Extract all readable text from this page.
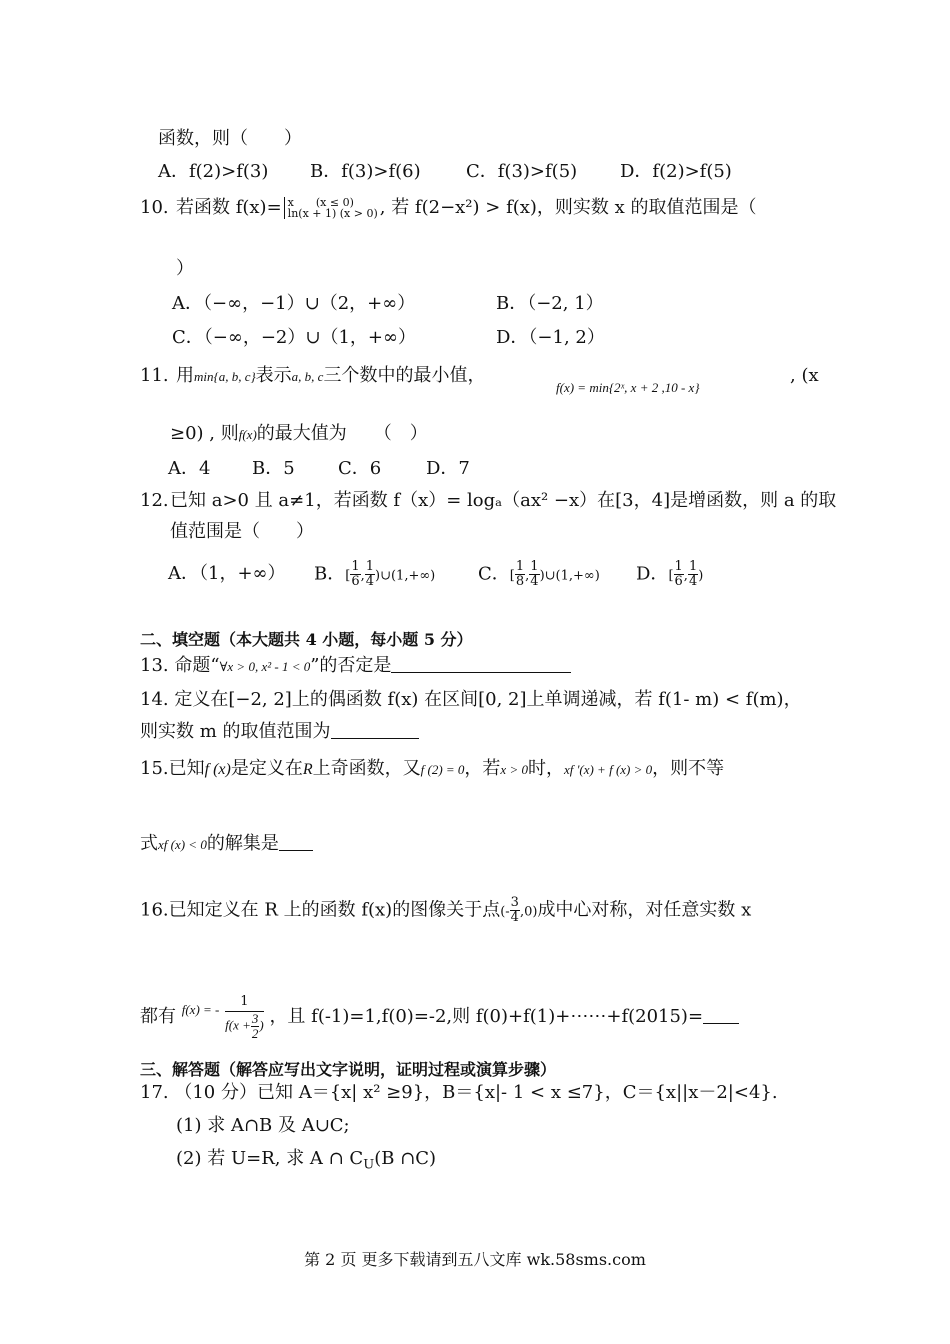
函数，则（　　）
A．f(2)>f(3) B．f(3)>f(6)	C．f(3)>f(5) D．f(2)>f(5)
10. 若函数 f(x)= x　　(x ≤ 0)
ln(x + 1) (x > 0) , 若 f(2−x²) > f(x)，则实数 x 的取值范围是（
）
A．（−∞，−1）∪（2，+∞）	B．（−2, 1）
C．（−∞，−2）∪（1，+∞）	D．（−1, 2）
11. 用min{a, b, c}表示a, b, c三个数中的最小值，
f(x) = min{2ˣ, x + 2 ,10 - x}
, (x
≥0) , 则f(x)的最大值为　　（　）
A．4 B．5 C．6 D．7
12. 已知 a>0 且 a≠1，若函数 f（x）= logₐ（ax² −x）在[3，4]是增函数，则 a 的取
值范围是（　　）
A．（1，+∞） B．[ $\frac{1}{6}$ , $\frac{1}{4}$ )∪(1,+∞) C．[ $\frac{1}{8}$ , $\frac{1}{4}$ )∪(1,+∞) D．[ $\frac{1}{6}$ , $\frac{1}{4}$ )
二、填空题（本大题共 4 小题，每小题 5 分）
13. 命题“∀x > 0, x² - 1 < 0”的否定是
14. 定义在[−2, 2]上的偶函数 f(x) 在区间[0, 2]上单调递减，若 f(1- m) < f(m)，
则实数 m 的取值范围为
15.已知f (x)是定义在R上奇函数，又f (2) = 0，若x > 0时，xf '(x) + f (x) > 0，则不等
式xf (x) < 0的解集是
16.已知定义在 R 上的函数 f(x)的图像关于点(- $\frac{3}{4} ,0$)成中心对称，对任意实数 x
都有 $^{f(x) = -} \frac{1}{f(x + \frac{3}{2} )}$ ，且 f(-1)=1,f(0)=-2,则 f(0)+f(1)+⋯⋯+f(2015)=
三、解答题（解答应写出文字说明，证明过程或演算步骤）
17. （10 分）已知 A＝{x| x² ≥9}，B＝{x|- 1 < x ≤7}，C＝{x||x－2|<4}.
(1) 求 A∩B 及 A∪C;
(2) 若 U=R, 求 A ∩ $C_U(B$ ∩C)
第 2 页 更多下载请到五八文库 wk.58sms.com
